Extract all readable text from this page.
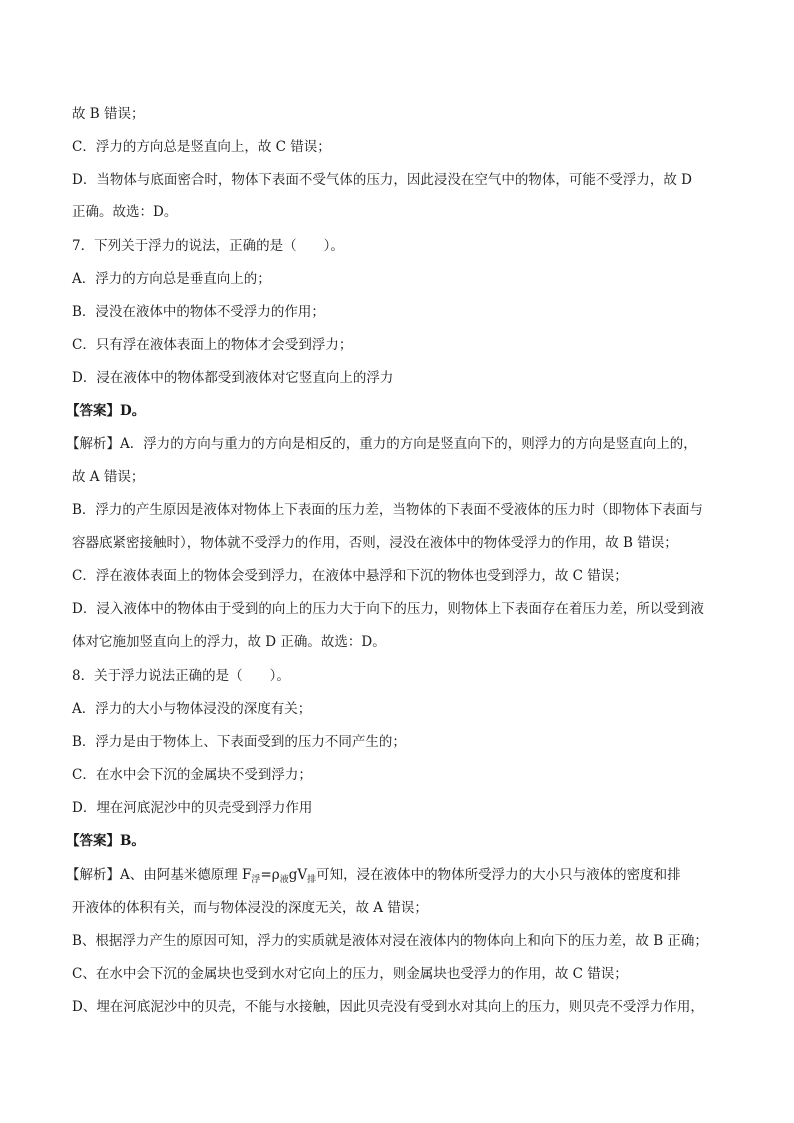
故 B 错误；
C．浮力的方向总是竖直向上，故 C 错误；
D．当物体与底面密合时，物体下表面不受气体的压力，因此浸没在空气中的物体，可能不受浮力，故 D
正确。故选：D。
7．下列关于浮力的说法，正确的是（　　）。
A．浮力的方向总是垂直向上的；
B．浸没在液体中的物体不受浮力的作用；
C．只有浮在液体表面上的物体才会受到浮力；
D．浸在液体中的物体都受到液体对它竖直向上的浮力
【答案】D。
【解析】A．浮力的方向与重力的方向是相反的，重力的方向是竖直向下的，则浮力的方向是竖直向上的，
故 A 错误；
B．浮力的产生原因是液体对物体上下表面的压力差，当物体的下表面不受液体的压力时（即物体下表面与
容器底紧密接触时），物体就不受浮力的作用，否则，浸没在液体中的物体受浮力的作用，故 B 错误；
C．浮在液体表面上的物体会受到浮力，在液体中悬浮和下沉的物体也受到浮力，故 C 错误；
D．浸入液体中的物体由于受到的向上的压力大于向下的压力，则物体上下表面存在着压力差，所以受到液
体对它施加竖直向上的浮力，故 D 正确。故选：D。
8．关于浮力说法正确的是（　　）。
A．浮力的大小与物体浸没的深度有关；
B．浮力是由于物体上、下表面受到的压力不同产生的；
C．在水中会下沉的金属块不受到浮力；
D．埋在河底泥沙中的贝壳受到浮力作用
【答案】B。
【解析】A、由阿基米德原理 $F_浮=\rho_液gV_排$可知，浸在液体中的物体所受浮力的大小只与液体的密度和排
开液体的体积有关，而与物体浸没的深度无关，故 A 错误；
B、根据浮力产生的原因可知，浮力的实质就是液体对浸在液体内的物体向上和向下的压力差，故 B 正确；
C、在水中会下沉的金属块也受到水对它向上的压力，则金属块也受浮力的作用，故 C 错误；
D、埋在河底泥沙中的贝壳，不能与水接触，因此贝壳没有受到水对其向上的压力，则贝壳不受浮力作用，
